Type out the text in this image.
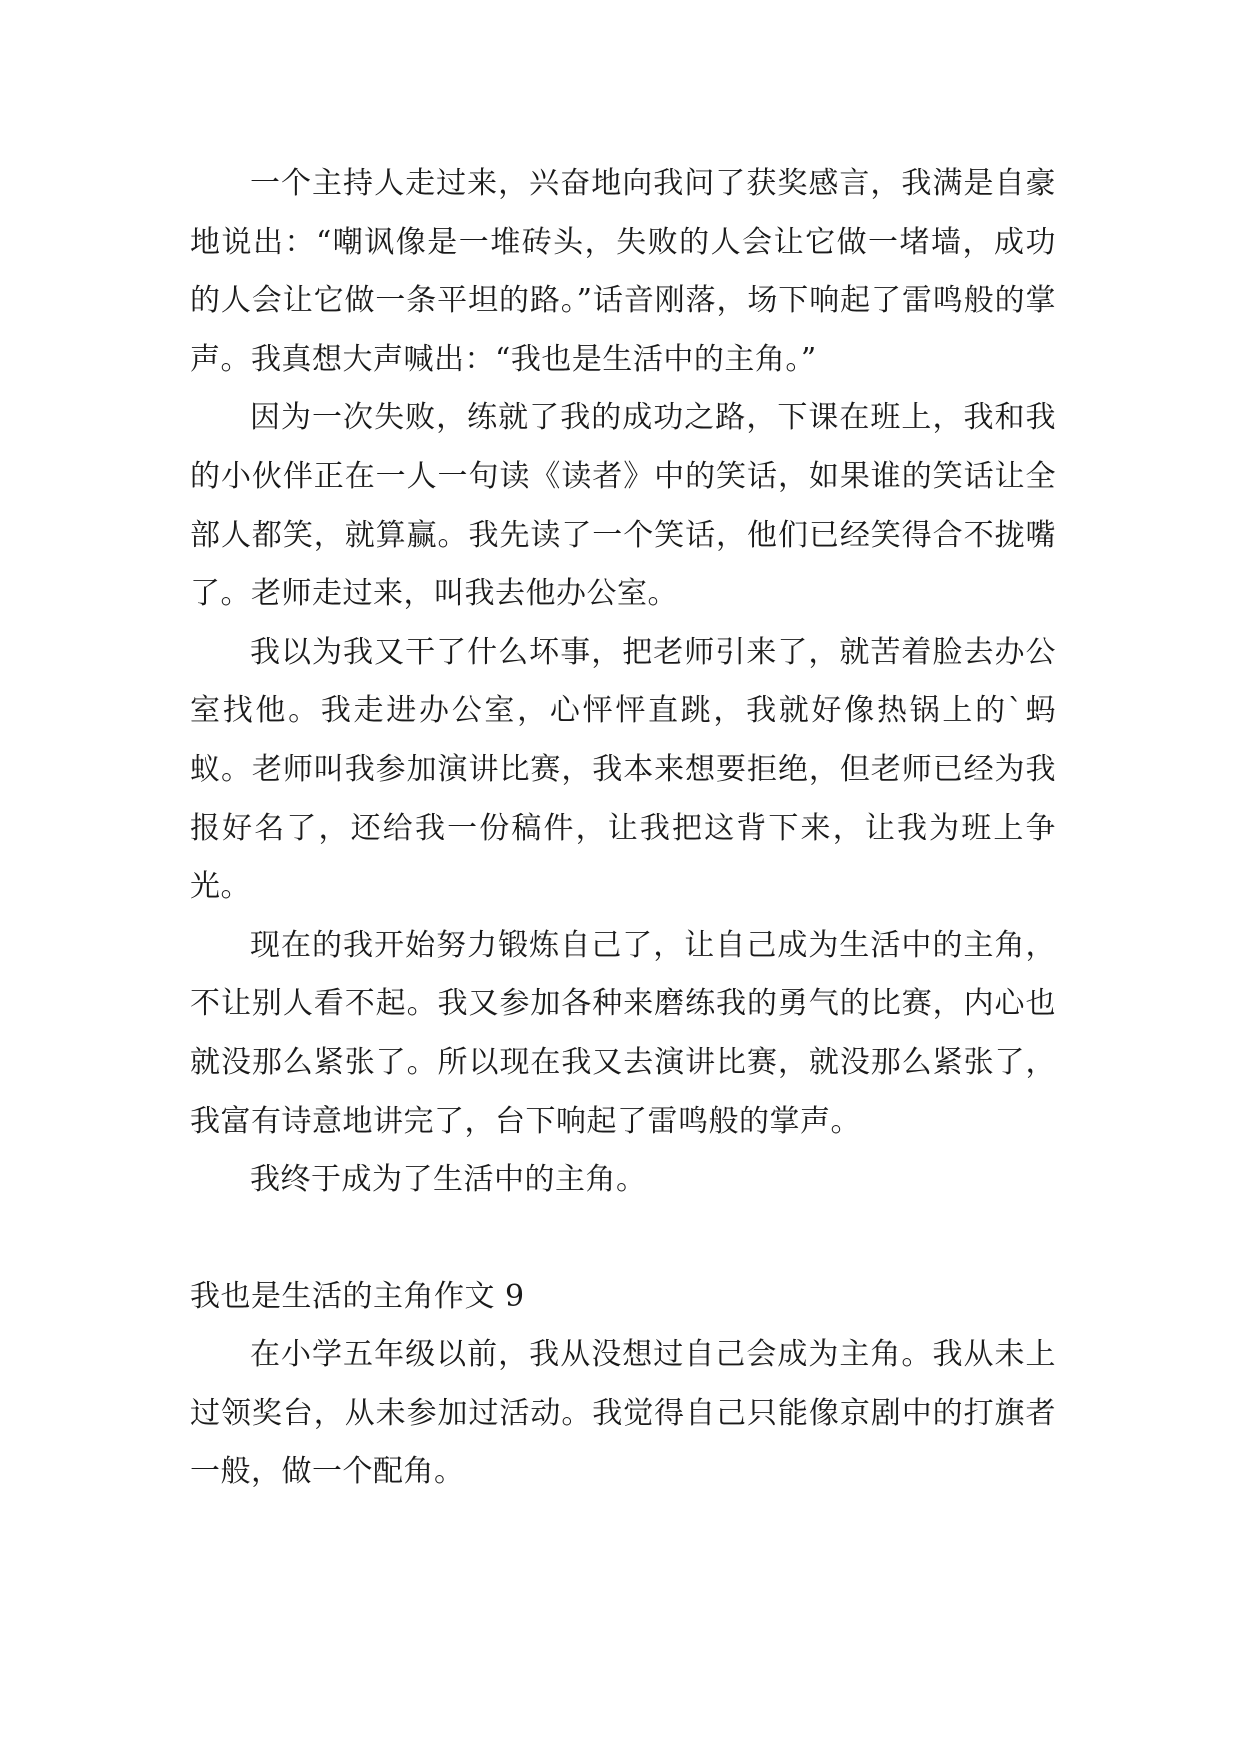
一个主持人走过来，兴奋地向我问了获奖感言，我满是自豪地说出：“嘲讽像是一堆砖头，失败的人会让它做一堵墙，成功的人会让它做一条平坦的路。”话音刚落，场下响起了雷鸣般的掌声。我真想大声喊出：“我也是生活中的主角。”

因为一次失败，练就了我的成功之路，下课在班上，我和我的小伙伴正在一人一句读《读者》中的笑话，如果谁的笑话让全部人都笑，就算赢。我先读了一个笑话，他们已经笑得合不拢嘴了。老师走过来，叫我去他办公室。

我以为我又干了什么坏事，把老师引来了，就苦着脸去办公室找他。我走进办公室，心怦怦直跳，我就好像热锅上的`蚂蚁。老师叫我参加演讲比赛，我本来想要拒绝，但老师已经为我报好名了，还给我一份稿件，让我把这背下来，让我为班上争光。

现在的我开始努力锻炼自己了，让自己成为生活中的主角，不让别人看不起。我又参加各种来磨练我的勇气的比赛，内心也就没那么紧张了。所以现在我又去演讲比赛，就没那么紧张了，我富有诗意地讲完了，台下响起了雷鸣般的掌声。

我终于成为了生活中的主角。

我也是生活的主角作文 9

在小学五年级以前，我从没想过自己会成为主角。我从未上过领奖台，从未参加过活动。我觉得自己只能像京剧中的打旗者一般，做一个配角。
